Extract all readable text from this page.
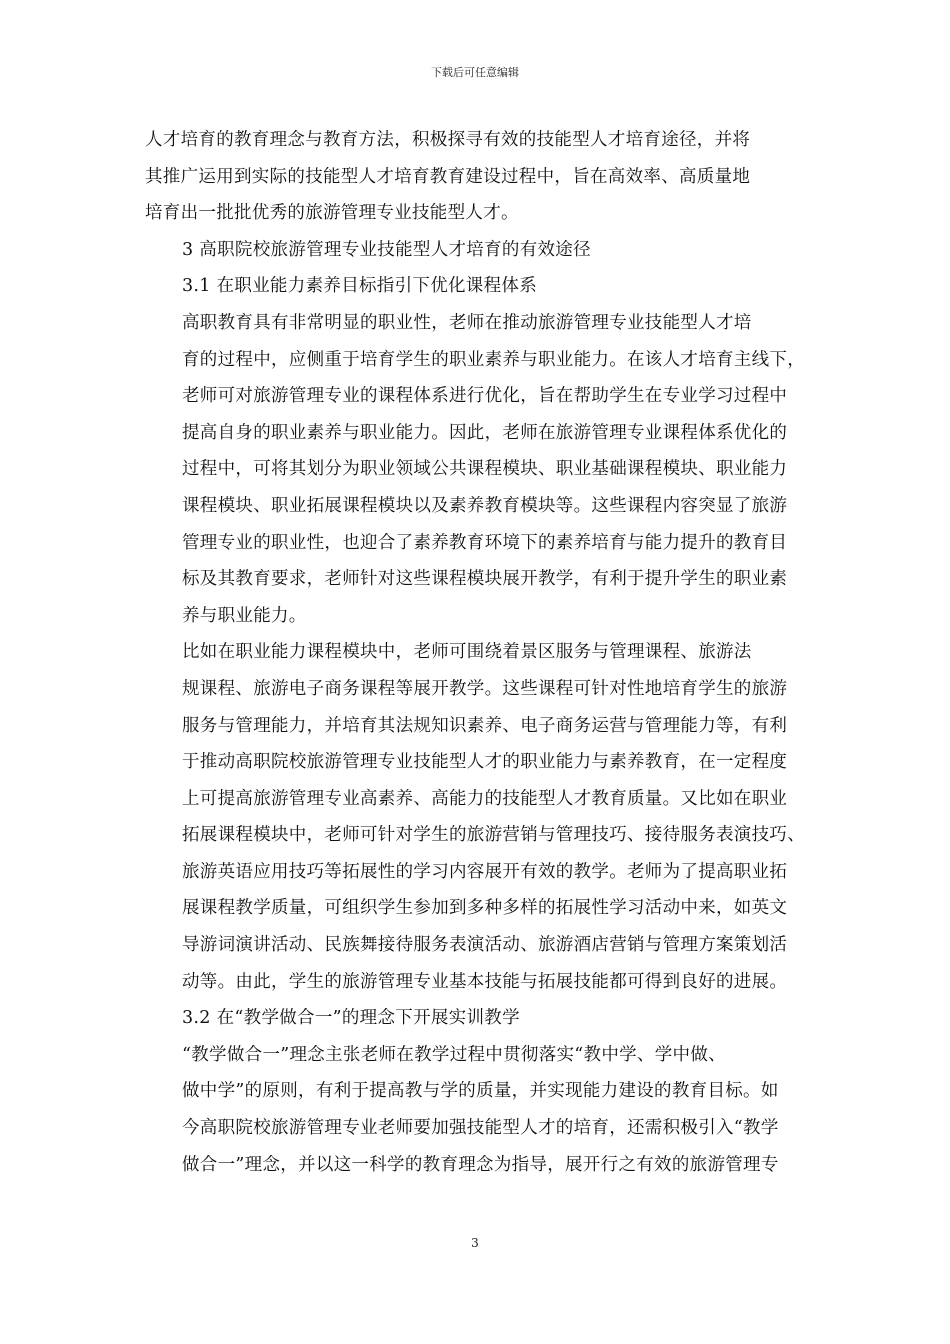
下载后可任意编辑

人才培育的教育理念与教育方法，积极探寻有效的技能型人才培育途径，并将
其推广运用到实际的技能型人才培育教育建设过程中，旨在高效率、高质量地
培育出一批批优秀的旅游管理专业技能型人才。

3 高职院校旅游管理专业技能型人才培育的有效途径

3.1 在职业能力素养目标指引下优化课程体系

高职教育具有非常明显的职业性，老师在推动旅游管理专业技能型人才培
育的过程中，应侧重于培育学生的职业素养与职业能力。在该人才培育主线下，
老师可对旅游管理专业的课程体系进行优化，旨在帮助学生在专业学习过程中
提高自身的职业素养与职业能力。因此，老师在旅游管理专业课程体系优化的
过程中，可将其划分为职业领域公共课程模块、职业基础课程模块、职业能力
课程模块、职业拓展课程模块以及素养教育模块等。这些课程内容突显了旅游
管理专业的职业性，也迎合了素养教育环境下的素养培育与能力提升的教育目
标及其教育要求，老师针对这些课程模块展开教学，有利于提升学生的职业素
养与职业能力。

比如在职业能力课程模块中，老师可围绕着景区服务与管理课程、旅游法
规课程、旅游电子商务课程等展开教学。这些课程可针对性地培育学生的旅游
服务与管理能力，并培育其法规知识素养、电子商务运营与管理能力等，有利
于推动高职院校旅游管理专业技能型人才的职业能力与素养教育，在一定程度
上可提高旅游管理专业高素养、高能力的技能型人才教育质量。又比如在职业
拓展课程模块中，老师可针对学生的旅游营销与管理技巧、接待服务表演技巧、
旅游英语应用技巧等拓展性的学习内容展开有效的教学。老师为了提高职业拓
展课程教学质量，可组织学生参加到多种多样的拓展性学习活动中来，如英文
导游词演讲活动、民族舞接待服务表演活动、旅游酒店营销与管理方案策划活
动等。由此，学生的旅游管理专业基本技能与拓展技能都可得到良好的进展。

3.2 在“教学做合一”的理念下开展实训教学

“教学做合一”理念主张老师在教学过程中贯彻落实“教中学、学中做、
做中学”的原则，有利于提高教与学的质量，并实现能力建设的教育目标。如
今高职院校旅游管理专业老师要加强技能型人才的培育，还需积极引入“教学
做合一”理念，并以这一科学的教育理念为指导，展开行之有效的旅游管理专

3
